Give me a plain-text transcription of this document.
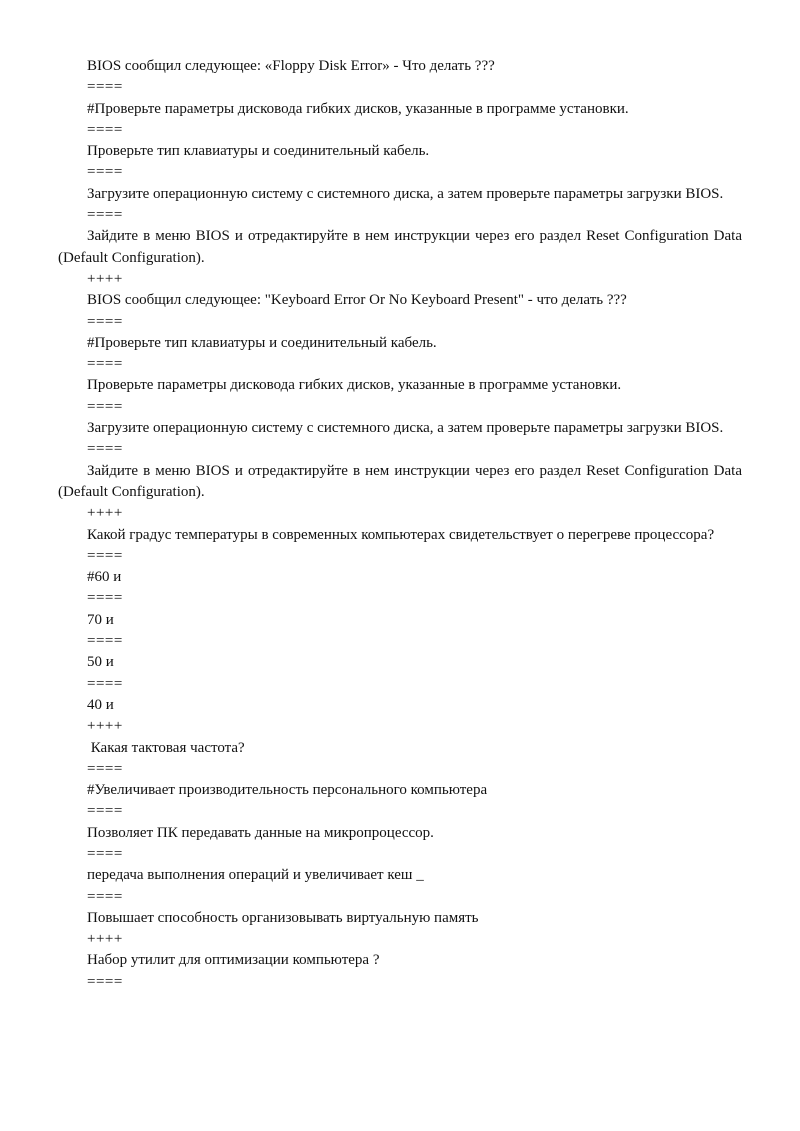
BIOS сообщил следующее: «Floppy Disk Error» - Что делать ???

====

#Проверьте параметры дисковода гибких дисков, указанные в программе установки.

====

Проверьте тип клавиатуры и соединительный кабель.

====

Загрузите операционную систему с системного диска, а затем проверьте параметры загрузки BIOS.

====

Зайдите в меню BIOS и отредактируйте в нем инструкции через его раздел Reset Configuration Data (Default Configuration).

++++

BIOS сообщил следующее: "Keyboard Error Or No Keyboard Present" - что делать ???

====

#Проверьте тип клавиатуры и соединительный кабель.

====

Проверьте параметры дисковода гибких дисков, указанные в программе установки.

====

Загрузите операционную систему с системного диска, а затем проверьте параметры загрузки BIOS.

====

Зайдите в меню BIOS и отредактируйте в нем инструкции через его раздел Reset Configuration Data (Default Configuration).

++++

Какой градус температуры в современных компьютерах свидетельствует о перегреве процессора?

====

#60 и

====

70 и

====

50 и

====

40 и

++++

Какая тактовая частота?

====

#Увеличивает производительность персонального компьютера

====

Позволяет ПК передавать данные на микропроцессор.

====

передача выполнения операций и увеличивает кеш _

====

Повышает способность организовывать виртуальную память

++++

Набор утилит для оптимизации компьютера ?

====
